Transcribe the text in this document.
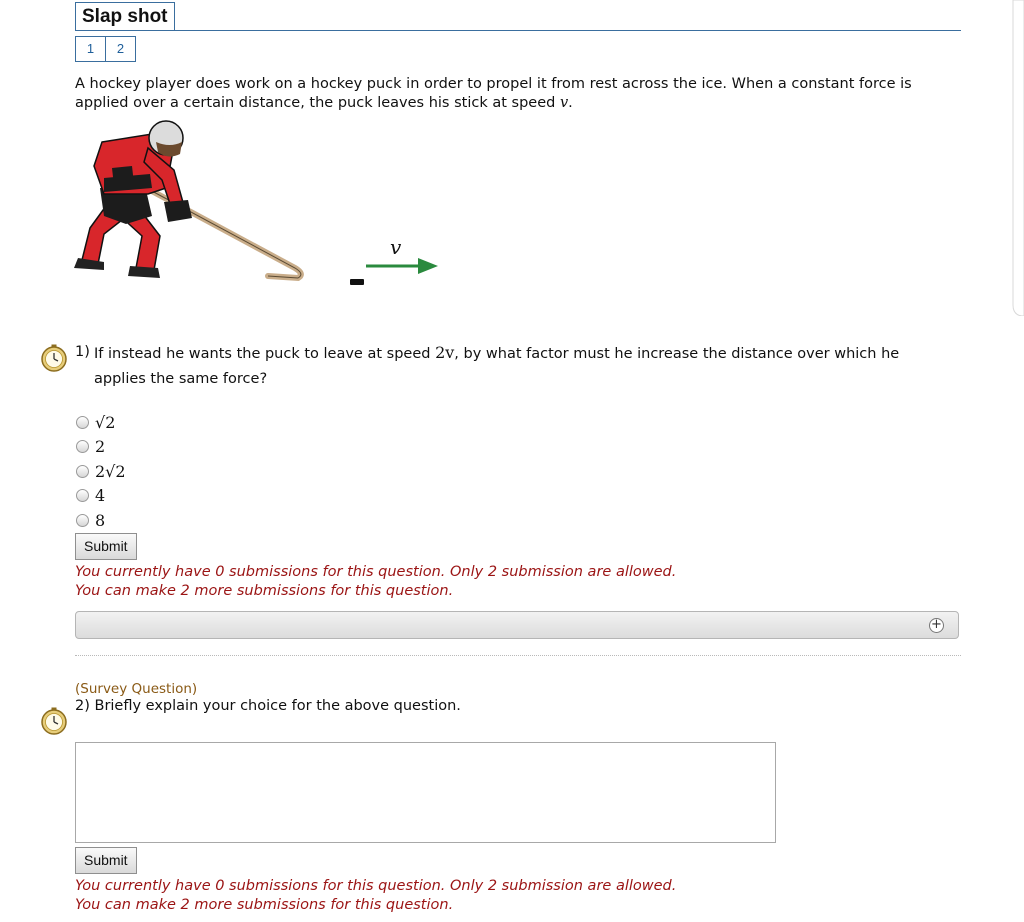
Slap shot
1	2
A hockey player does work on a hockey puck in order to propel it from rest across the ice. When a constant force is applied over a certain distance, the puck leaves his stick at speed v.
v
1) If instead he wants the puck to leave at speed 2v, by what factor must he increase the distance over which he applies the same force?
√2
2
2√2
4
8
Submit
You currently have 0 submissions for this question. Only 2 submission are allowed.
You can make 2 more submissions for this question.
+
(Survey Question)
2) Briefly explain your choice for the above question.
Submit
You currently have 0 submissions for this question. Only 2 submission are allowed.
You can make 2 more submissions for this question.
